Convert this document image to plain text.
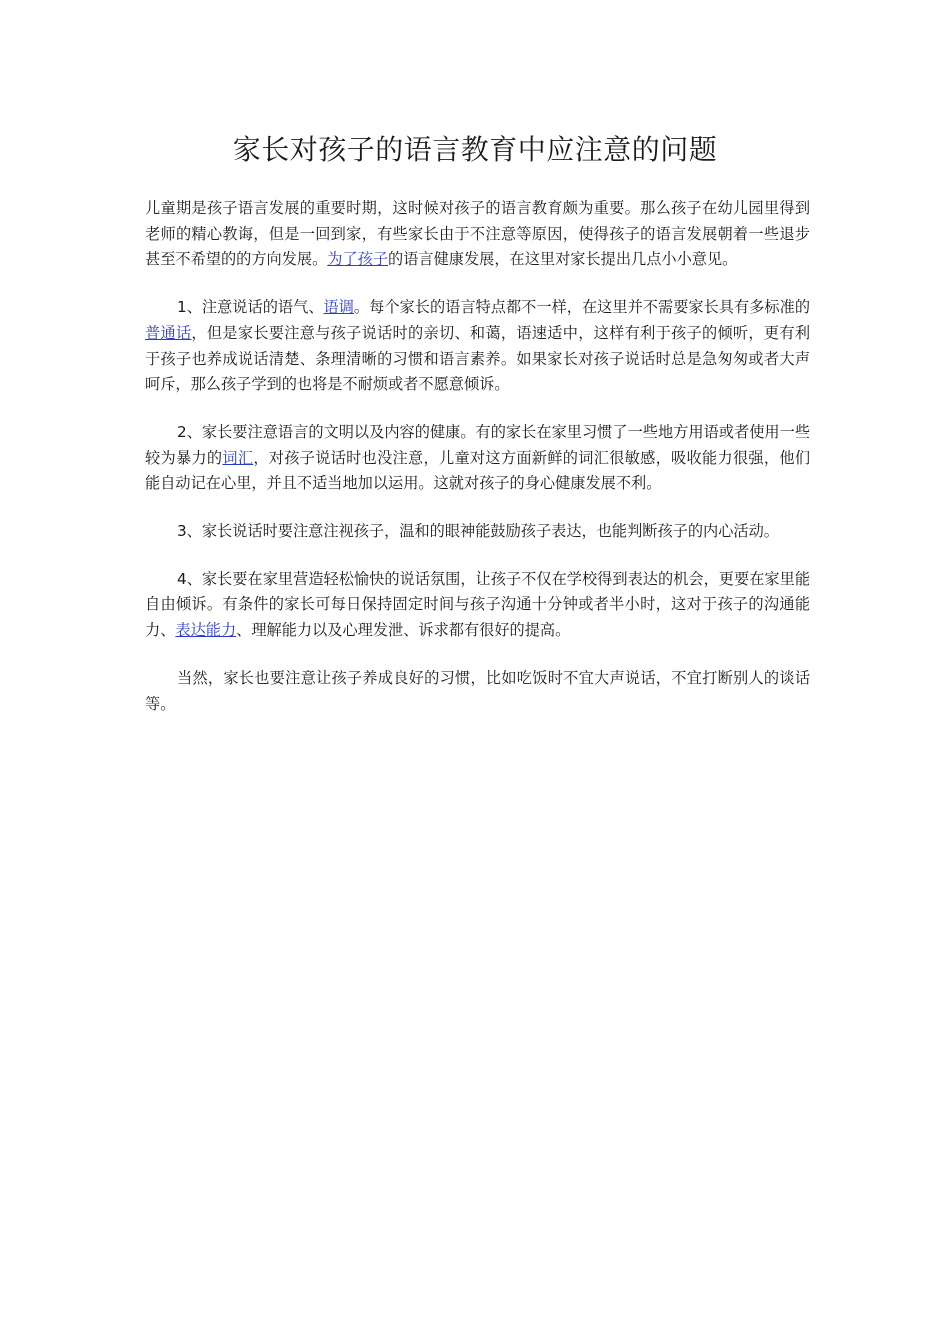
家长对孩子的语言教育中应注意的问题

儿童期是孩子语言发展的重要时期，这时候对孩子的语言教育颇为重要。那么孩子在幼儿园里得到老师的精心教诲，但是一回到家，有些家长由于不注意等原因，使得孩子的语言发展朝着一些退步甚至不希望的的方向发展。为了孩子的语言健康发展，在这里对家长提出几点小小意见。

1、注意说话的语气、语调。每个家长的语言特点都不一样，在这里并不需要家长具有多标准的普通话，但是家长要注意与孩子说话时的亲切、和蔼，语速适中，这样有利于孩子的倾听，更有利于孩子也养成说话清楚、条理清晰的习惯和语言素养。如果家长对孩子说话时总是急匆匆或者大声呵斥，那么孩子学到的也将是不耐烦或者不愿意倾诉。

2、家长要注意语言的文明以及内容的健康。有的家长在家里习惯了一些地方用语或者使用一些较为暴力的词汇，对孩子说话时也没注意，儿童对这方面新鲜的词汇很敏感，吸收能力很强，他们能自动记在心里，并且不适当地加以运用。这就对孩子的身心健康发展不利。

3、家长说话时要注意注视孩子，温和的眼神能鼓励孩子表达，也能判断孩子的内心活动。

4、家长要在家里营造轻松愉快的说话氛围，让孩子不仅在学校得到表达的机会，更要在家里能自由倾诉。有条件的家长可每日保持固定时间与孩子沟通十分钟或者半小时，这对于孩子的沟通能力、表达能力、理解能力以及心理发泄、诉求都有很好的提高。

当然，家长也要注意让孩子养成良好的习惯，比如吃饭时不宜大声说话，不宜打断别人的谈话等。
